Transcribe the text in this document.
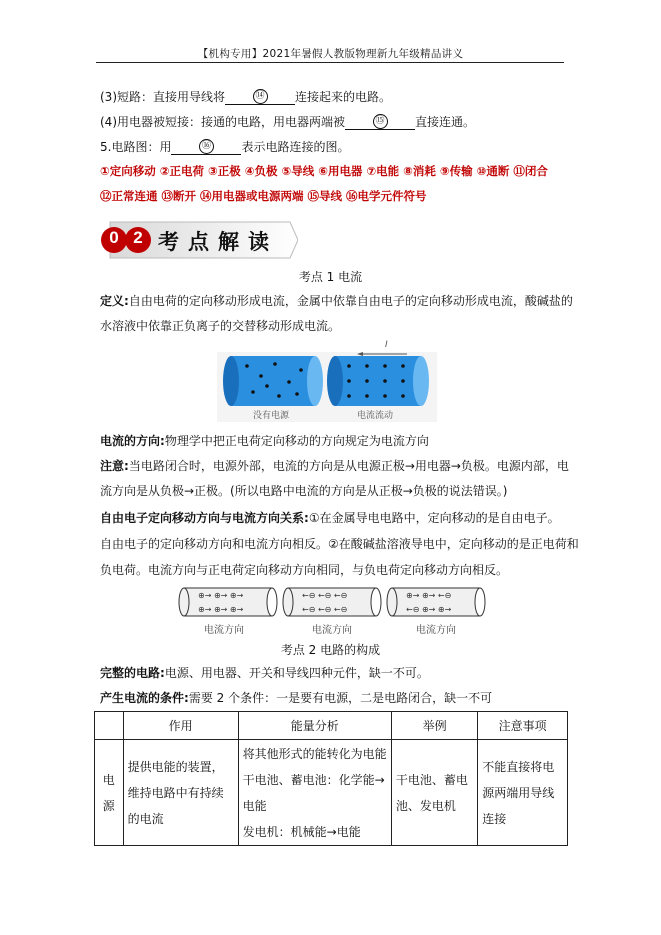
【机构专用】2021年暑假人教版物理新九年级精品讲义
(3)短路：直接用导线将	⑭	连接起来的电路。
(4)用电器被短接：接通的电路，用电器两端被	⑮	直接连通。
5.电路图：用	⑯	表示电路连接的图。
①定向移动 ②正电荷 ③正极 ④负极 ⑤导线 ⑥用电器 ⑦电能 ⑧消耗 ⑨传输 ⑩通断 ⑪闭合
⑫正常连通 ⑬断开 ⑭用电器或电源两端 ⑮导线 ⑯电学元件符号
0 2 考点解读
考点 1 电流
定义:自由电荷的定向移动形成电流，金属中依靠自由电子的定向移动形成电流，酸碱盐的
水溶液中依靠正负离子的交替移动形成电流。
没有电源	电流流动
I
电流的方向:物理学中把正电荷定向移动的方向规定为电流方向
注意:当电路闭合时，电源外部，电流的方向是从电源正极→用电器→负极。电源内部，电
流方向是从负极→正极。(所以电路中电流的方向是从正极→负极的说法错误。)
自由电子定向移动方向与电流方向关系:①在金属导电电路中，定向移动的是自由电子。
自由电子的定向移动方向和电流方向相反。②在酸碱盐溶液导电中，定向移动的是正电荷和
负电荷。电流方向与正电荷定向移动方向相同，与负电荷定向移动方向相反。
⊕→ ⊕→ ⊕→
⊕→ ⊕→ ⊕→
←⊖ ←⊖ ←⊖
←⊖ ←⊖ ←⊖
⊕→ ⊕→ ←⊖
←⊖ ⊕→ ⊕→
电流方向	电流方向	电流方向
考点 2 电路的构成
完整的电路:电源、用电器、开关和导线四种元件，缺一不可。
产生电流的条件:需要 2 个条件：一是要有电源，二是电路闭合，缺一不可
	作用	能量分析	举例	注意事项
电源	提供电能的装置，维持电路中有持续的电流	将其他形式的能转化为电能
干电池、蓄电池：化学能→电能
发电机：机械能→电能	干电池、蓄电池、发电机	不能直接将电源两端用导线连接
